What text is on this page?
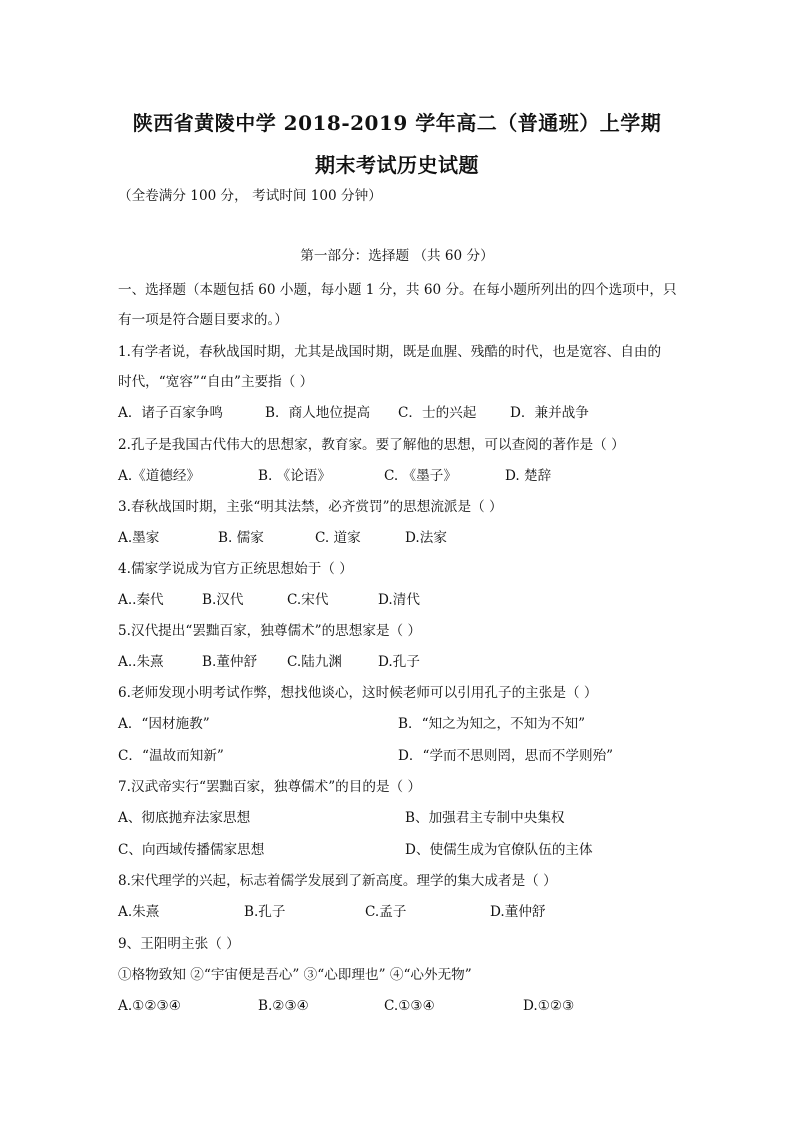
陕西省黄陵中学 2018-2019 学年高二（普通班）上学期
期末考试历史试题
（全卷满分 100 分， 考试时间 100 分钟）
第一部分：选择题 （共 60 分）
一、选择题（本题包括 60 小题，每小题 1 分，共 60 分。在每小题所列出的四个选项中，只
有一项是符合题目要求的。）
1.有学者说，春秋战国时期，尤其是战国时期，既是血腥、残酷的时代，也是宽容、自由的
时代，“宽容”“自由”主要指（ ）
A．诸子百家争鸣	B．商人地位提高 C．士的兴起 D．兼并战争
2.孔子是我国古代伟大的思想家，教育家。要了解他的思想，可以查阅的著作是（ ）
A.《道德经》	B. 《论语》	C. 《墨子》	D. 楚辞
3.春秋战国时期，主张“明其法禁，必齐赏罚”的思想流派是（ ）
A.墨家	B. 儒家	C. 道家	D.法家
4.儒家学说成为官方正统思想始于（ ）
A..秦代	B.汉代	C.宋代	D.清代
5.汉代提出“罢黜百家，独尊儒术”的思想家是（ ）
A..朱熹	B.董仲舒 C.陆九渊	D.孔子
6.老师发现小明考试作弊，想找他谈心，这时候老师可以引用孔子的主张是（ ）
A．“因材施教”	B．“知之为知之，不知为不知”
C．“温故而知新”	D．“学而不思则罔，思而不学则殆”
7.汉武帝实行“罢黜百家，独尊儒术”的目的是（ ）
A、彻底抛弃法家思想	B、加强君主专制中央集权
C、向西域传播儒家思想	D、使儒生成为官僚队伍的主体
8.宋代理学的兴起，标志着儒学发展到了新高度。理学的集大成者是（ ）
A.朱熹	B.孔子	C.孟子	D.董仲舒
9、王阳明主张（ ）
①格物致知 ②“宇宙便是吾心” ③“心即理也” ④“心外无物”
A.①②③④	B.②③④	C.①③④	D.①②③
